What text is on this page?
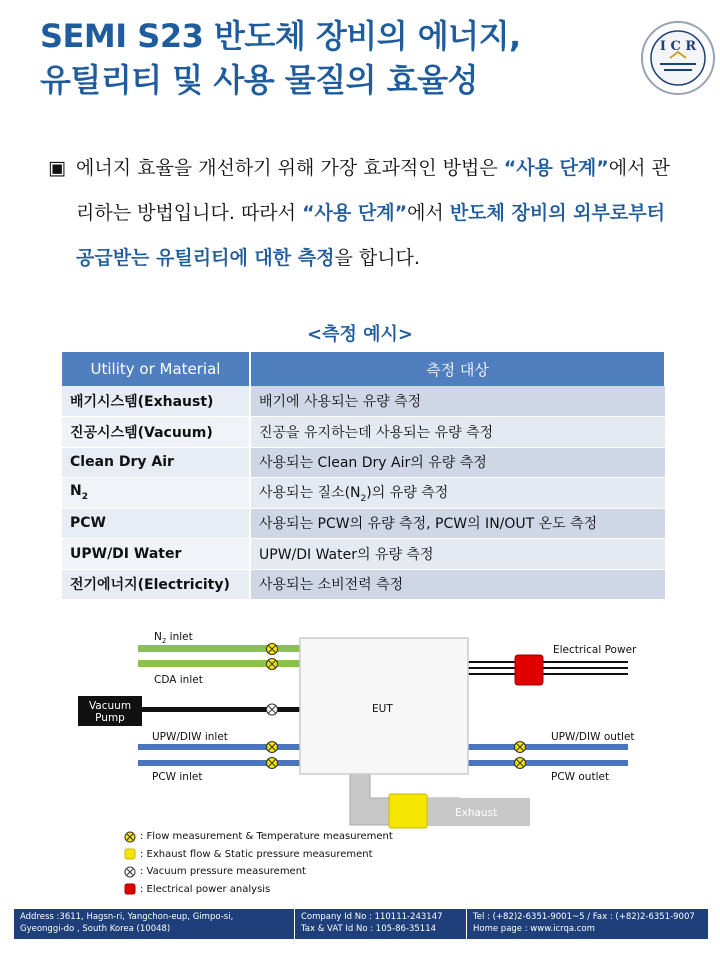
SEMI S23 반도체 장비의 에너지,
유틸리티 및 사용 물질의 효율성
I C R
▣ 에너지 효율을 개선하기 위해 가장 효과적인 방법은 “사용 단계”에서 관리하는 방법입니다. 따라서 “사용 단계”에서 반도체 장비의 외부로부터 공급받는 유틸리티에 대한 측정을 합니다.
<측정 예시>
Utility or Material	측정 대상
배기시스템(Exhaust)	배기에 사용되는 유량 측정
진공시스템(Vacuum)	진공을 유지하는데 사용되는 유량 측정
Clean Dry Air	사용되는 Clean Dry Air의 유량 측정
$N_2$	사용되는 질소$(N_2)$의 유량 측정
PCW	사용되는 PCW의 유량 측정, PCW의 IN/OUT 온도 측정
UPW/DI Water	UPW/DI Water의 유량 측정
전기에너지(Electricity)	사용되는 소비전력 측정
Exhaust
EUT
Vacuum
Pump
$N_2$ inlet
CDA inlet
UPW/DIW inlet
PCW inlet
Electrical Power
UPW/DIW outlet
PCW outlet
: Flow measurement & Temperature measurement
: Exhaust flow & Static pressure measurement
: Vacuum pressure measurement
: Electrical power analysis
Address :3611, Hagsn-ri, Yangchon-eup, Gimpo-si,
Gyeonggi-do , South Korea (10048)
Company Id No : 110111-243147
Tax & VAT Id No : 105-86-35114
Tel : (+82)2-6351-9001~5 / Fax : (+82)2-6351-9007
Home page : www.icrqa.com
